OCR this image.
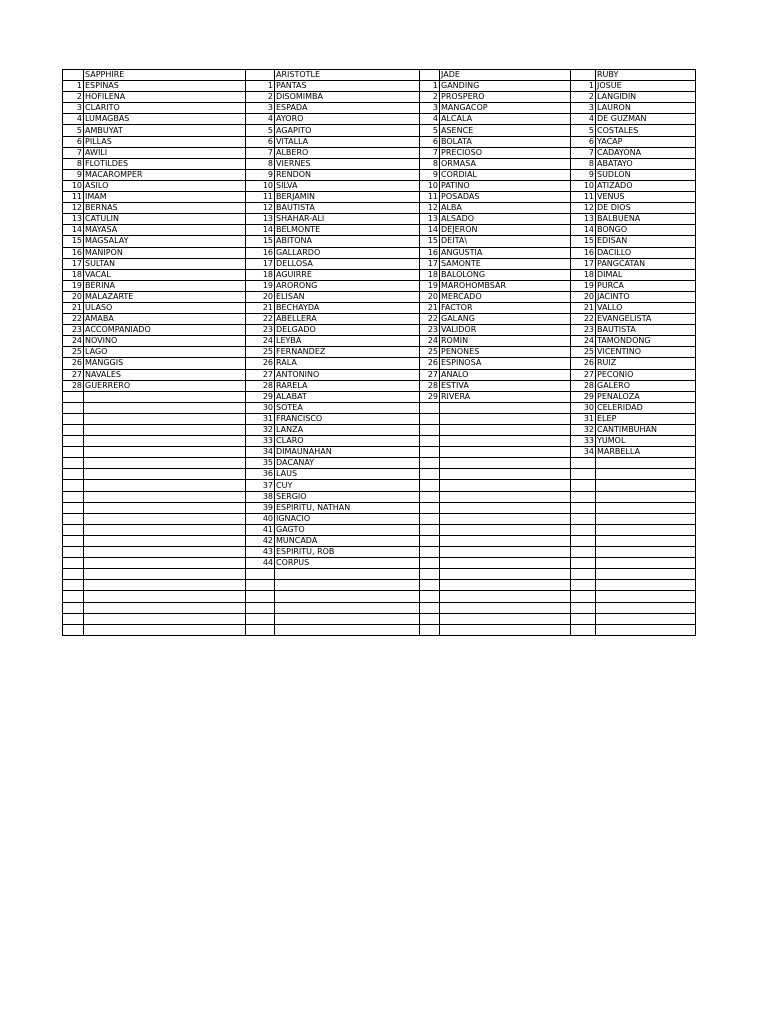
	SAPPHIRE		ARISTOTLE		JADE		RUBY
1	ESPINAS	1	PANTAS	1	GANDING	1	JOSUE
2	HOFILENA	2	DISOMIMBA	2	PROSPERO	2	LANGIDIN
3	CLARITO	3	ESPADA	3	MANGACOP	3	LAURON
4	LUMAGBAS	4	AYORO	4	ALCALA	4	DE GUZMAN
5	AMBUYAT	5	AGAPITO	5	ASENCE	5	COSTALES
6	PILLAS	6	VITALLA	6	BOLATA	6	YACAP
7	AWILI	7	ALBERO	7	PRECIOSO	7	CADAYONA
8	FLOTILDES	8	VIERNES	8	ORMASA	8	ABATAYO
9	MACAROMPER	9	RENDON	9	CORDIAL	9	SUDLON
10	ASILO	10	SILVA	10	PATINO	10	ATIZADO
11	IMAM	11	BERJAMIN	11	POSADAS	11	VENUS
12	BERNAS	12	BAUTISTA	12	ALBA	12	DE DIOS
13	CATULIN	13	SHAHAR-ALI	13	ALSADO	13	BALBUENA
14	MAYASA	14	BELMONTE	14	DEJERON	14	BONGO
15	MAGSALAY	15	ABITONA	15	DEITA\	15	EDISAN
16	MANIPON	16	GALLARDO	16	ANGUSTIA	16	DACILLO
17	SULTAN	17	DELLOSA	17	SAMONTE	17	PANGCATAN
18	VACAL	18	AGUIRRE	18	BALOLONG	18	DIMAL
19	BERINA	19	ARORONG	19	MAROHOMBSAR	19	PURCA
20	MALAZARTE	20	ELISAN	20	MERCADO	20	JACINTO
21	ULASO	21	BECHAYDA	21	FACTOR	21	VALLO
22	AMABA	22	ABELLERA	22	GALANG	22	EVANGELISTA
23	ACCOMPANIADO	23	DELGADO	23	VALIDOR	23	BAUTISTA
24	NOVINO	24	LEYBA	24	ROMIN	24	TAMONDONG
25	LAGO	25	FERNANDEZ	25	PENONES	25	VICENTINO
26	MANGGIS	26	RALA	26	ESPINOSA	26	RUIZ
27	NAVALES	27	ANTONINO	27	ANALO	27	PECONIO
28	GUERRERO	28	RARELA	28	ESTIVA	28	GALERO
		29	ALABAT	29	RIVERA	29	PENALOZA
		30	SOTEA			30	CELERIDAD
		31	FRANCISCO			31	ELEP
		32	LANZA			32	CANTIMBUHAN
		33	CLARO			33	YUMOL
		34	DIMAUNAHAN			34	MARBELLA
		35	DACANAY				
		36	LAUS				
		37	CUY				
		38	SERGIO				
		39	ESPIRITU, NATHAN				
		40	IGNACIO				
		41	GAGTO				
		42	MUNCADA				
		43	ESPIRITU, ROB				
		44	CORPUS				
